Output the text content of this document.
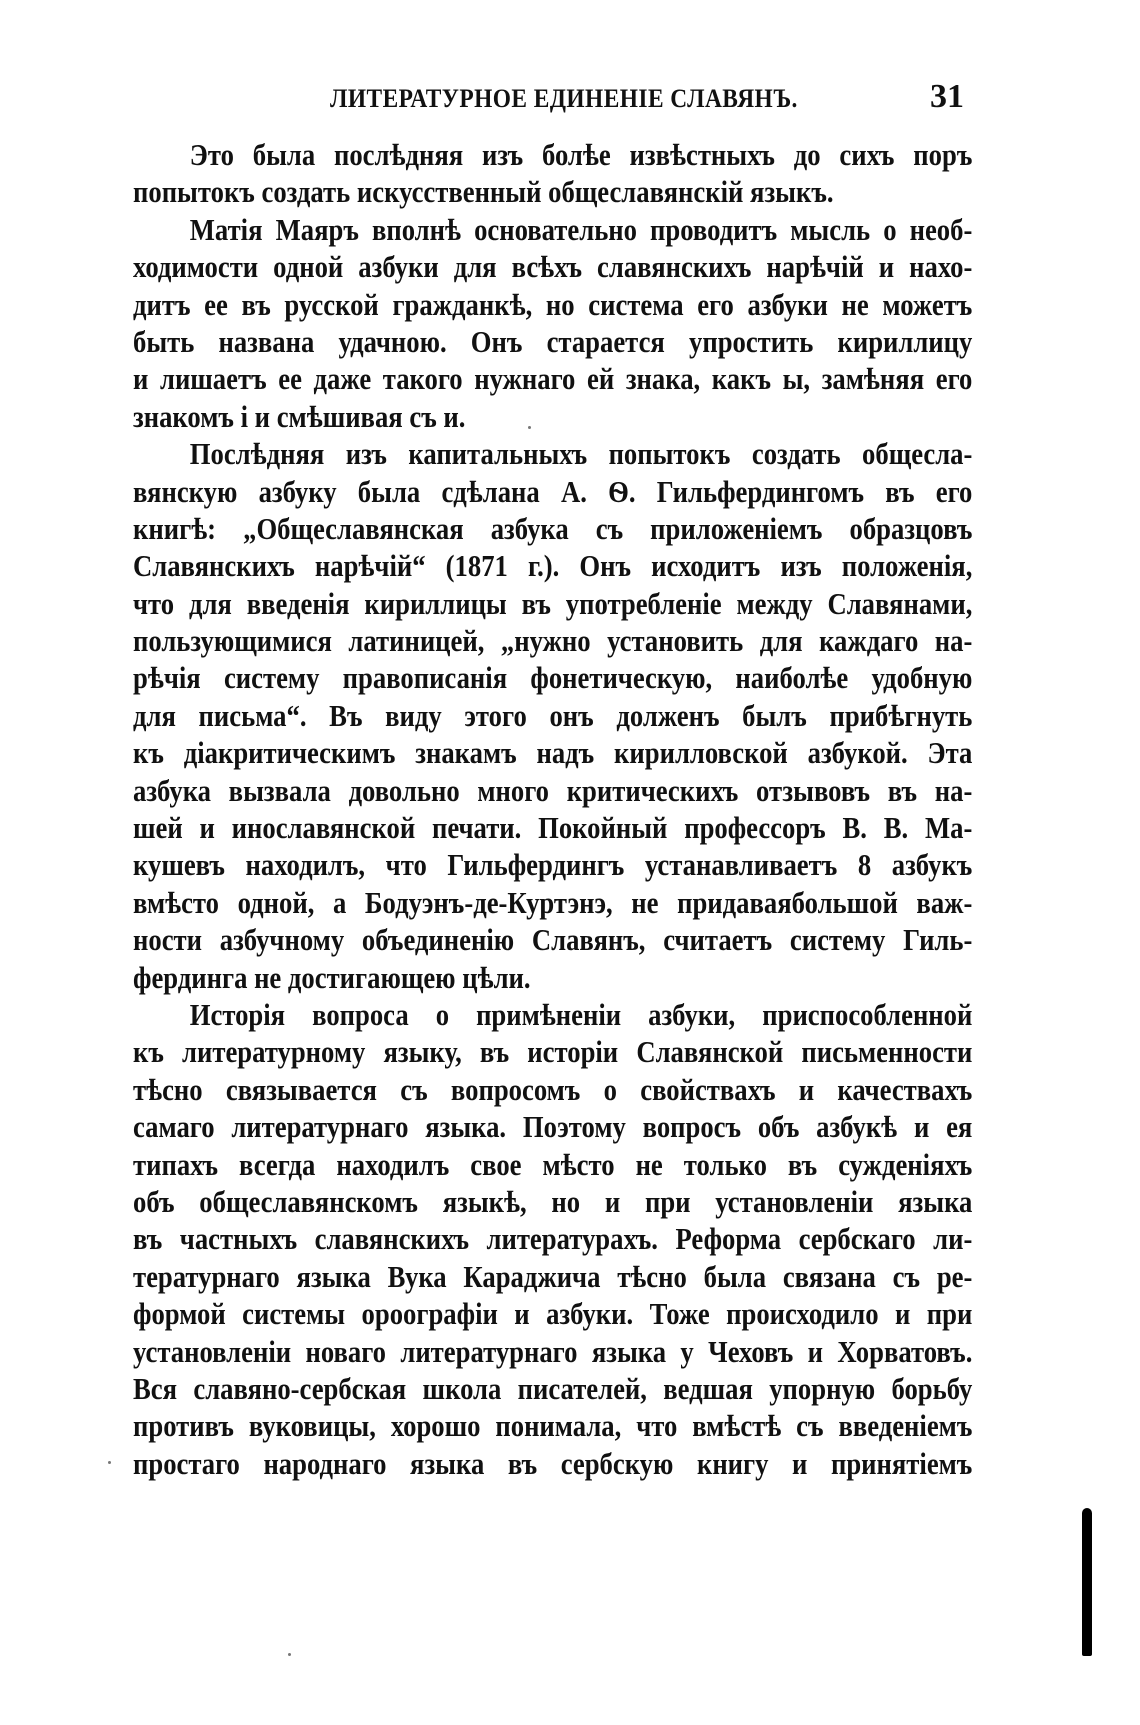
ЛИТЕРАТУРНОЕ ЕДИНЕНIЕ СЛАВЯНЪ.	31
Это была послѣдняя изъ болѣе извѣстныхъ до сихъ поръ
попытокъ создать искусственный общеславянскiй языкъ.
Матiя Маяръ вполнѣ основательно проводитъ мысль о необ-
ходимости одной азбуки для всѣхъ славянскихъ нарѣчiй и нахо-
дитъ ее въ русской гражданкѣ, но система его азбуки не можетъ
быть названа удачною. Онъ старается упростить кириллицу
и лишаетъ ее даже такого нужнаго ей знака, какъ ы, замѣняя его
знакомъ і и смѣшивая съ и.
Послѣдняя изъ капитальныхъ попытокъ создать общесла-
вянскую азбуку была сдѣлана А. Ѳ. Гильфердингомъ въ его
книгѣ: „Общеславянская азбука съ приложенiемъ образцовъ
Славянскихъ нарѣчiй“ (1871 г.). Онъ исходитъ изъ положенiя,
что для введенiя кириллицы въ употребленiе между Славянами,
пользующимися латиницей, „нужно установить для каждаго на-
рѣчiя систему правописанiя фонетическую, наиболѣе удобную
для письма“. Въ виду этого онъ долженъ былъ прибѣгнуть
къ дiакритическимъ знакамъ надъ кирилловской азбукой. Эта
азбука вызвала довольно много критическихъ отзывовъ въ на-
шей и инославянской печати. Покойный профессоръ В. В. Ма-
кушевъ находилъ, что Гильфердингъ устанавливаетъ 8 азбукъ
вмѣсто одной, а Бодуэнъ-де-Куртэнэ, не придаваябольшой важ-
ности азбучному объединенiю Славянъ, считаетъ систему Гиль-
фердинга не достигающею цѣли.
Исторiя вопроса о примѣненiи азбуки, приспособленной
къ литературному языку, въ исторiи Славянской письменности
тѣсно связывается съ вопросомъ о свойствахъ и качествахъ
самаго литературнаго языка. Поэтому вопросъ объ азбукѣ и ея
типахъ всегда находилъ свое мѣсто не только въ сужденiяхъ
объ общеславянскомъ языкѣ, но и при установленiи языка
въ частныхъ славянскихъ литературахъ. Реформа сербскаго ли-
тературнаго языка Вука Караджича тѣсно была связана съ ре-
формой системы ороографiи и азбуки. Тоже происходило и при
установленiи новаго литературнаго языка у Чеховъ и Хорватовъ.
Вся славяно-сербская школа писателей, ведшая упорную борьбу
противъ вуковицы, хорошо понимала, что вмѣстѣ съ введенiемъ
простаго народнаго языка въ сербскую книгу и принятiемъ
